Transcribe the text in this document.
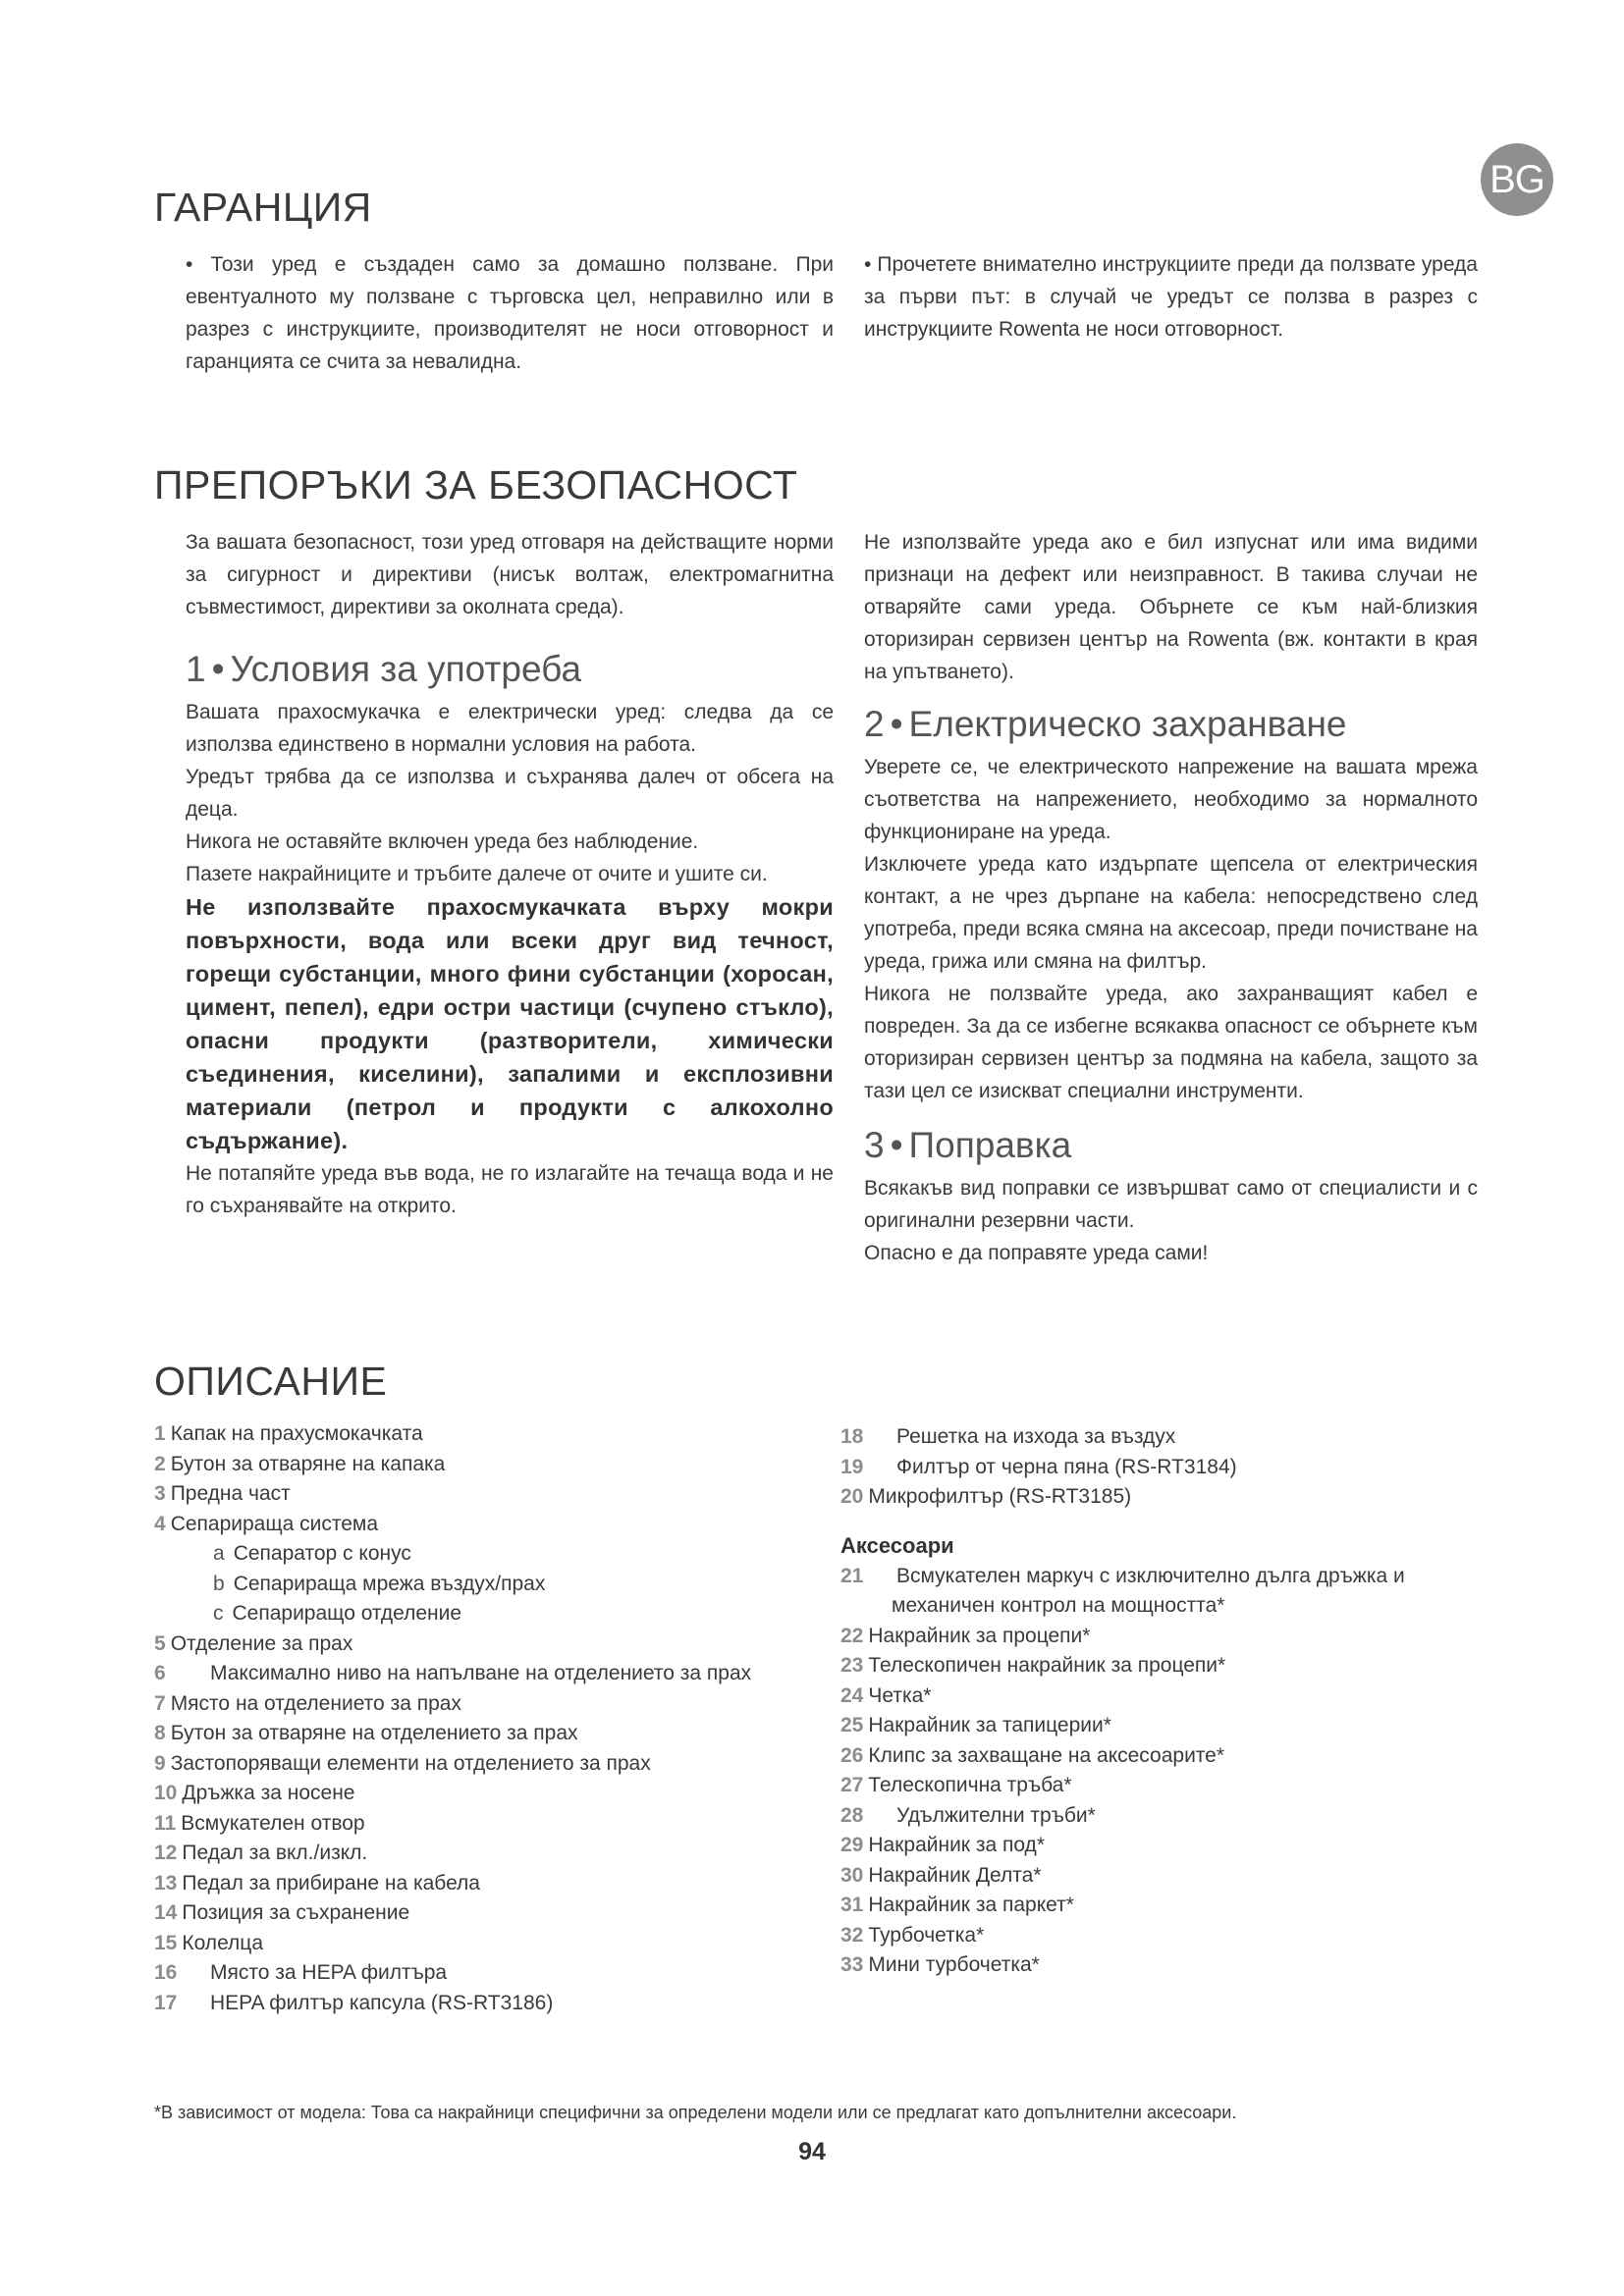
BG
ГАРАНЦИЯ

• Този уред е създаден само за домашно ползване. При евентуалното му ползване с търговска цел, неправилно или в разрез с инструкциите, производителят не носи отговорност и гаранцията се счита за невалидна.

• Прочетете внимателно инструкциите преди да ползвате уреда за първи път: в случай че уредът се ползва в разрез с инструкциите Rowenta не носи отговорност.

ПРЕПОРЪКИ ЗА БЕЗОПАСНОСТ

За вашата безопасност, този уред отговаря на действащите норми за сигурност и директиви (нисък волтаж, електромагнитна съвместимост, директиви за околната среда).

1 • Условия за употреба

Вашата прахосмукачка е електрически уред: следва да се използва единствено в нормални условия на работа.

Уредът трябва да се използва и съхранява далеч от обсега на деца.

Никога не оставяйте включен уреда без наблюдение.

Пазете накрайниците и тръбите далече от очите и ушите си.

Не използвайте прахосмукачката върху мокри повърхности, вода или всеки друг вид течност, горещи субстанции, много фини субстанции (хоросан, цимент, пепел), едри остри частици (счупено стъкло), опасни продукти (разтворители, химически съединения, киселини), запалими и експлозивни материали (петрол и продукти с алкохолно съдържание).

Не потапяйте уреда във вода, не го излагайте на течаща вода и не го съхранявайте на открито.

Не използвайте уреда ако е бил изпуснат или има видими признаци на дефект или неизправност. В такива случаи не отваряйте сами уреда. Обърнете се към най-близкия оторизиран сервизен център на Rowenta (вж. контакти в края на упътването).

2 • Електрическо захранване

Уверете се, че електрическото напрежение на вашата мрежа съответства на напрежението, необходимо за нормалното функциониране на уреда.

Изключете уреда като издърпате щепсела от електрическия контакт, а не чрез дърпане на кабела: непосредствено след употреба, преди всяка смяна на аксесоар, преди почистване на уреда, грижа или смяна на филтър.

Никога не ползвайте уреда, ако захранващият кабел е повреден. За да се избегне всякаква опасност се обърнете към оторизиран сервизен център за подмяна на кабела, защото за тази цел се изискват специални инструменти.

3 • Поправка

Всякакъв вид поправки се извършват само от специалисти и с оригинални резервни части.

Опасно е да поправяте уреда сами!

ОПИСАНИЕ
1 Капак на прахусмокачката
2 Бутон за отваряне на капака
3 Предна част
4 Сепарираща система
a Сепаратор с конус
b Сепарираща мрежа въздух/прах
c Сепариращо отделение
5 Отделение за прах
6 Максимално ниво на напълване на отделението за прах
7 Място на отделението за прах
8 Бутон за отваряне на отделението за прах
9 Застопоряващи елементи на отделението за прах
10 Дръжка за носене
11 Всмукателен отвор
12 Педал за вкл./изкл.
13 Педал за прибиране на кабела
14 Позиция за съхранение
15 Колелца
16 Място за HEPA филтъра
17 HEPA филтър капсула (RS-RT3186)
18 Решетка на изхода за въздух
19 Филтър от черна пяна (RS-RT3184)
20 Микрофилтър (RS-RT3185)
Аксесоари
21 Всмукателен маркуч с изключително дълга дръжка и
механичен контрол на мощността*
22 Накрайник за процепи*
23 Телескопичен накрайник за процепи*
24 Четка*
25 Накрайник за тапицерии*
26 Клипс за захващане на аксесоарите*
27 Телескопична тръба*
28 Удължителни тръби*
29 Накрайник за под*
30 Накрайник Делта*
31 Накрайник за паркет*
32 Турбочетка*
33 Мини турбочетка*
*В зависимост от модела: Това са накрайници специфични за определени модели или се предлагат като допълнителни аксесоари.
94
